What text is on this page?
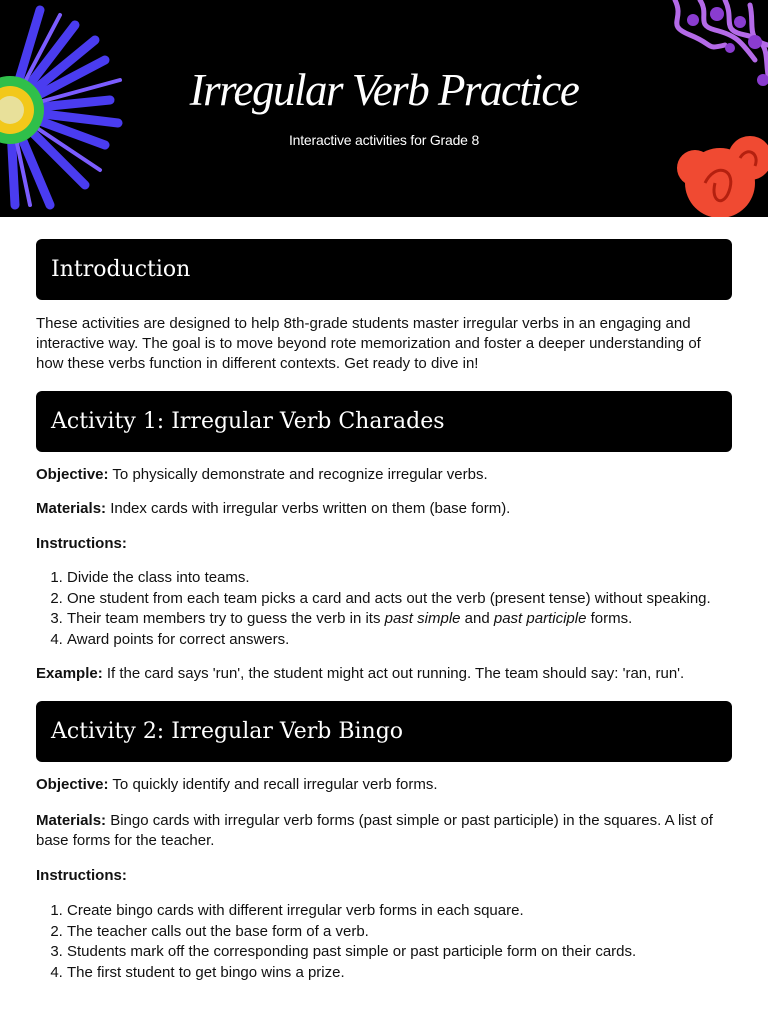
Irregular Verb Practice
Interactive activities for Grade 8
Introduction

These activities are designed to help 8th-grade students master irregular verbs in an engaging and interactive way. The goal is to move beyond rote memorization and foster a deeper understanding of how these verbs function in different contexts. Get ready to dive in!

Activity 1: Irregular Verb Charades

Objective: To physically demonstrate and recognize irregular verbs.

Materials: Index cards with irregular verbs written on them (base form).

Instructions:

1. Divide the class into teams.
2. One student from each team picks a card and acts out the verb (present tense) without speaking.
3. Their team members try to guess the verb in its past simple and past participle forms.
4. Award points for correct answers.

Example: If the card says 'run', the student might act out running. The team should say: 'ran, run'.

Activity 2: Irregular Verb Bingo

Objective: To quickly identify and recall irregular verb forms.

Materials: Bingo cards with irregular verb forms (past simple or past participle) in the squares. A list of base forms for the teacher.

Instructions:

1. Create bingo cards with different irregular verb forms in each square.
2. The teacher calls out the base form of a verb.
3. Students mark off the corresponding past simple or past participle form on their cards.
4. The first student to get bingo wins a prize.
